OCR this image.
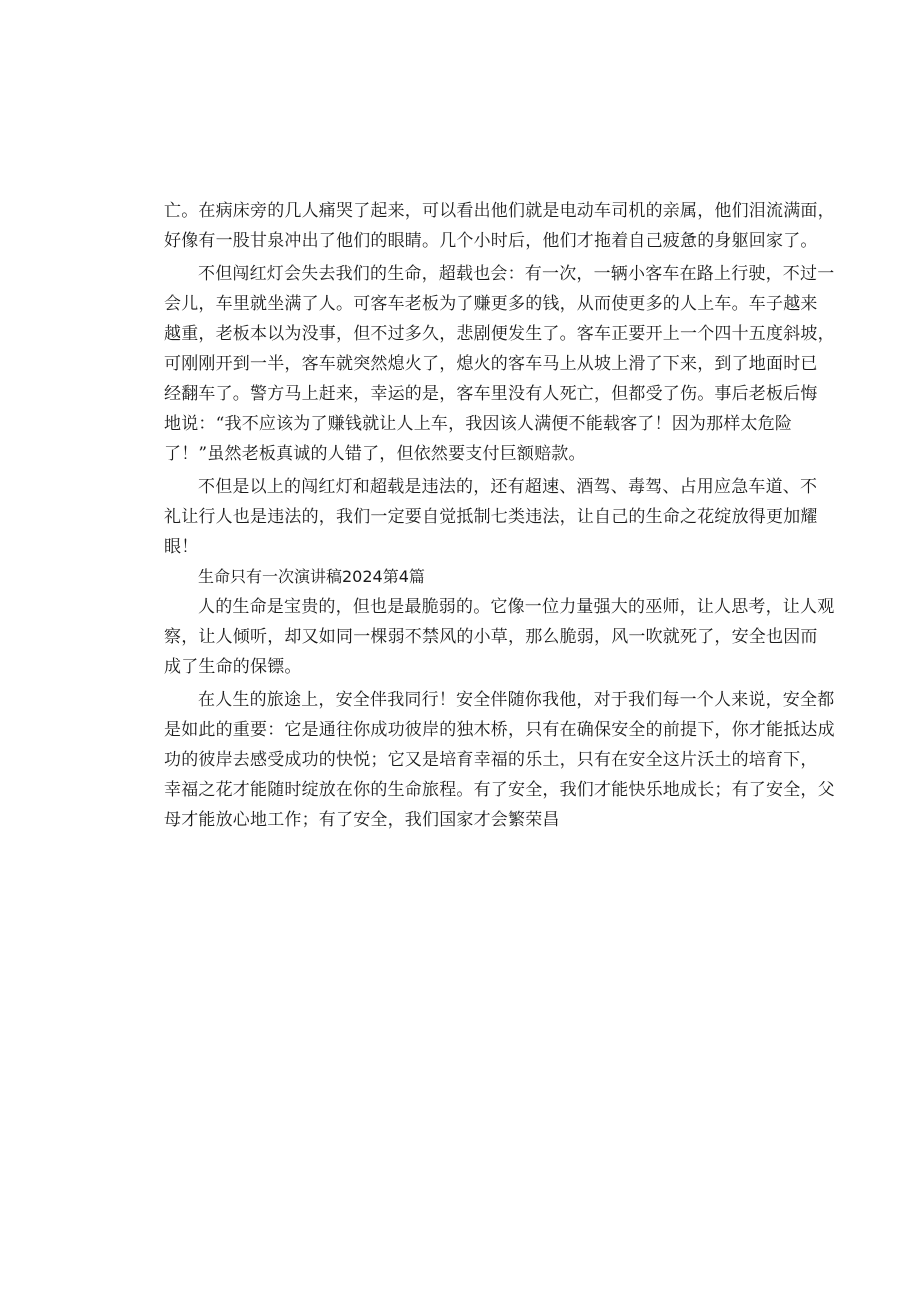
亡。在病床旁的几人痛哭了起来，可以看出他们就是电动车司机的亲属，他们泪流满面，
好像有一股甘泉冲出了他们的眼睛。几个小时后，他们才拖着自己疲惫的身躯回家了。
不但闯红灯会失去我们的生命，超载也会：有一次，一辆小客车在路上行驶，不过一
会儿，车里就坐满了人。可客车老板为了赚更多的钱，从而使更多的人上车。车子越来
越重，老板本以为没事，但不过多久，悲剧便发生了。客车正要开上一个四十五度斜坡，
可刚刚开到一半，客车就突然熄火了，熄火的客车马上从坡上滑了下来，到了地面时已
经翻车了。警方马上赶来，幸运的是，客车里没有人死亡，但都受了伤。事后老板后悔
地说：“我不应该为了赚钱就让人上车，我因该人满便不能载客了！因为那样太危险
了！”虽然老板真诚的人错了，但依然要支付巨额赔款。
不但是以上的闯红灯和超载是违法的，还有超速、酒驾、毒驾、占用应急车道、不
礼让行人也是违法的，我们一定要自觉抵制七类违法，让自己的生命之花绽放得更加耀
眼！
生命只有一次演讲稿2024第4篇
人的生命是宝贵的，但也是最脆弱的。它像一位力量强大的巫师，让人思考，让人观
察，让人倾听，却又如同一棵弱不禁风的小草，那么脆弱，风一吹就死了，安全也因而
成了生命的保镖。
在人生的旅途上，安全伴我同行！安全伴随你我他，对于我们每一个人来说，安全都
是如此的重要：它是通往你成功彼岸的独木桥，只有在确保安全的前提下，你才能抵达成
功的彼岸去感受成功的快悦；它又是培育幸福的乐土，只有在安全这片沃土的培育下，
幸福之花才能随时绽放在你的生命旅程。有了安全，我们才能快乐地成长；有了安全，父
母才能放心地工作；有了安全，我们国家才会繁荣昌
